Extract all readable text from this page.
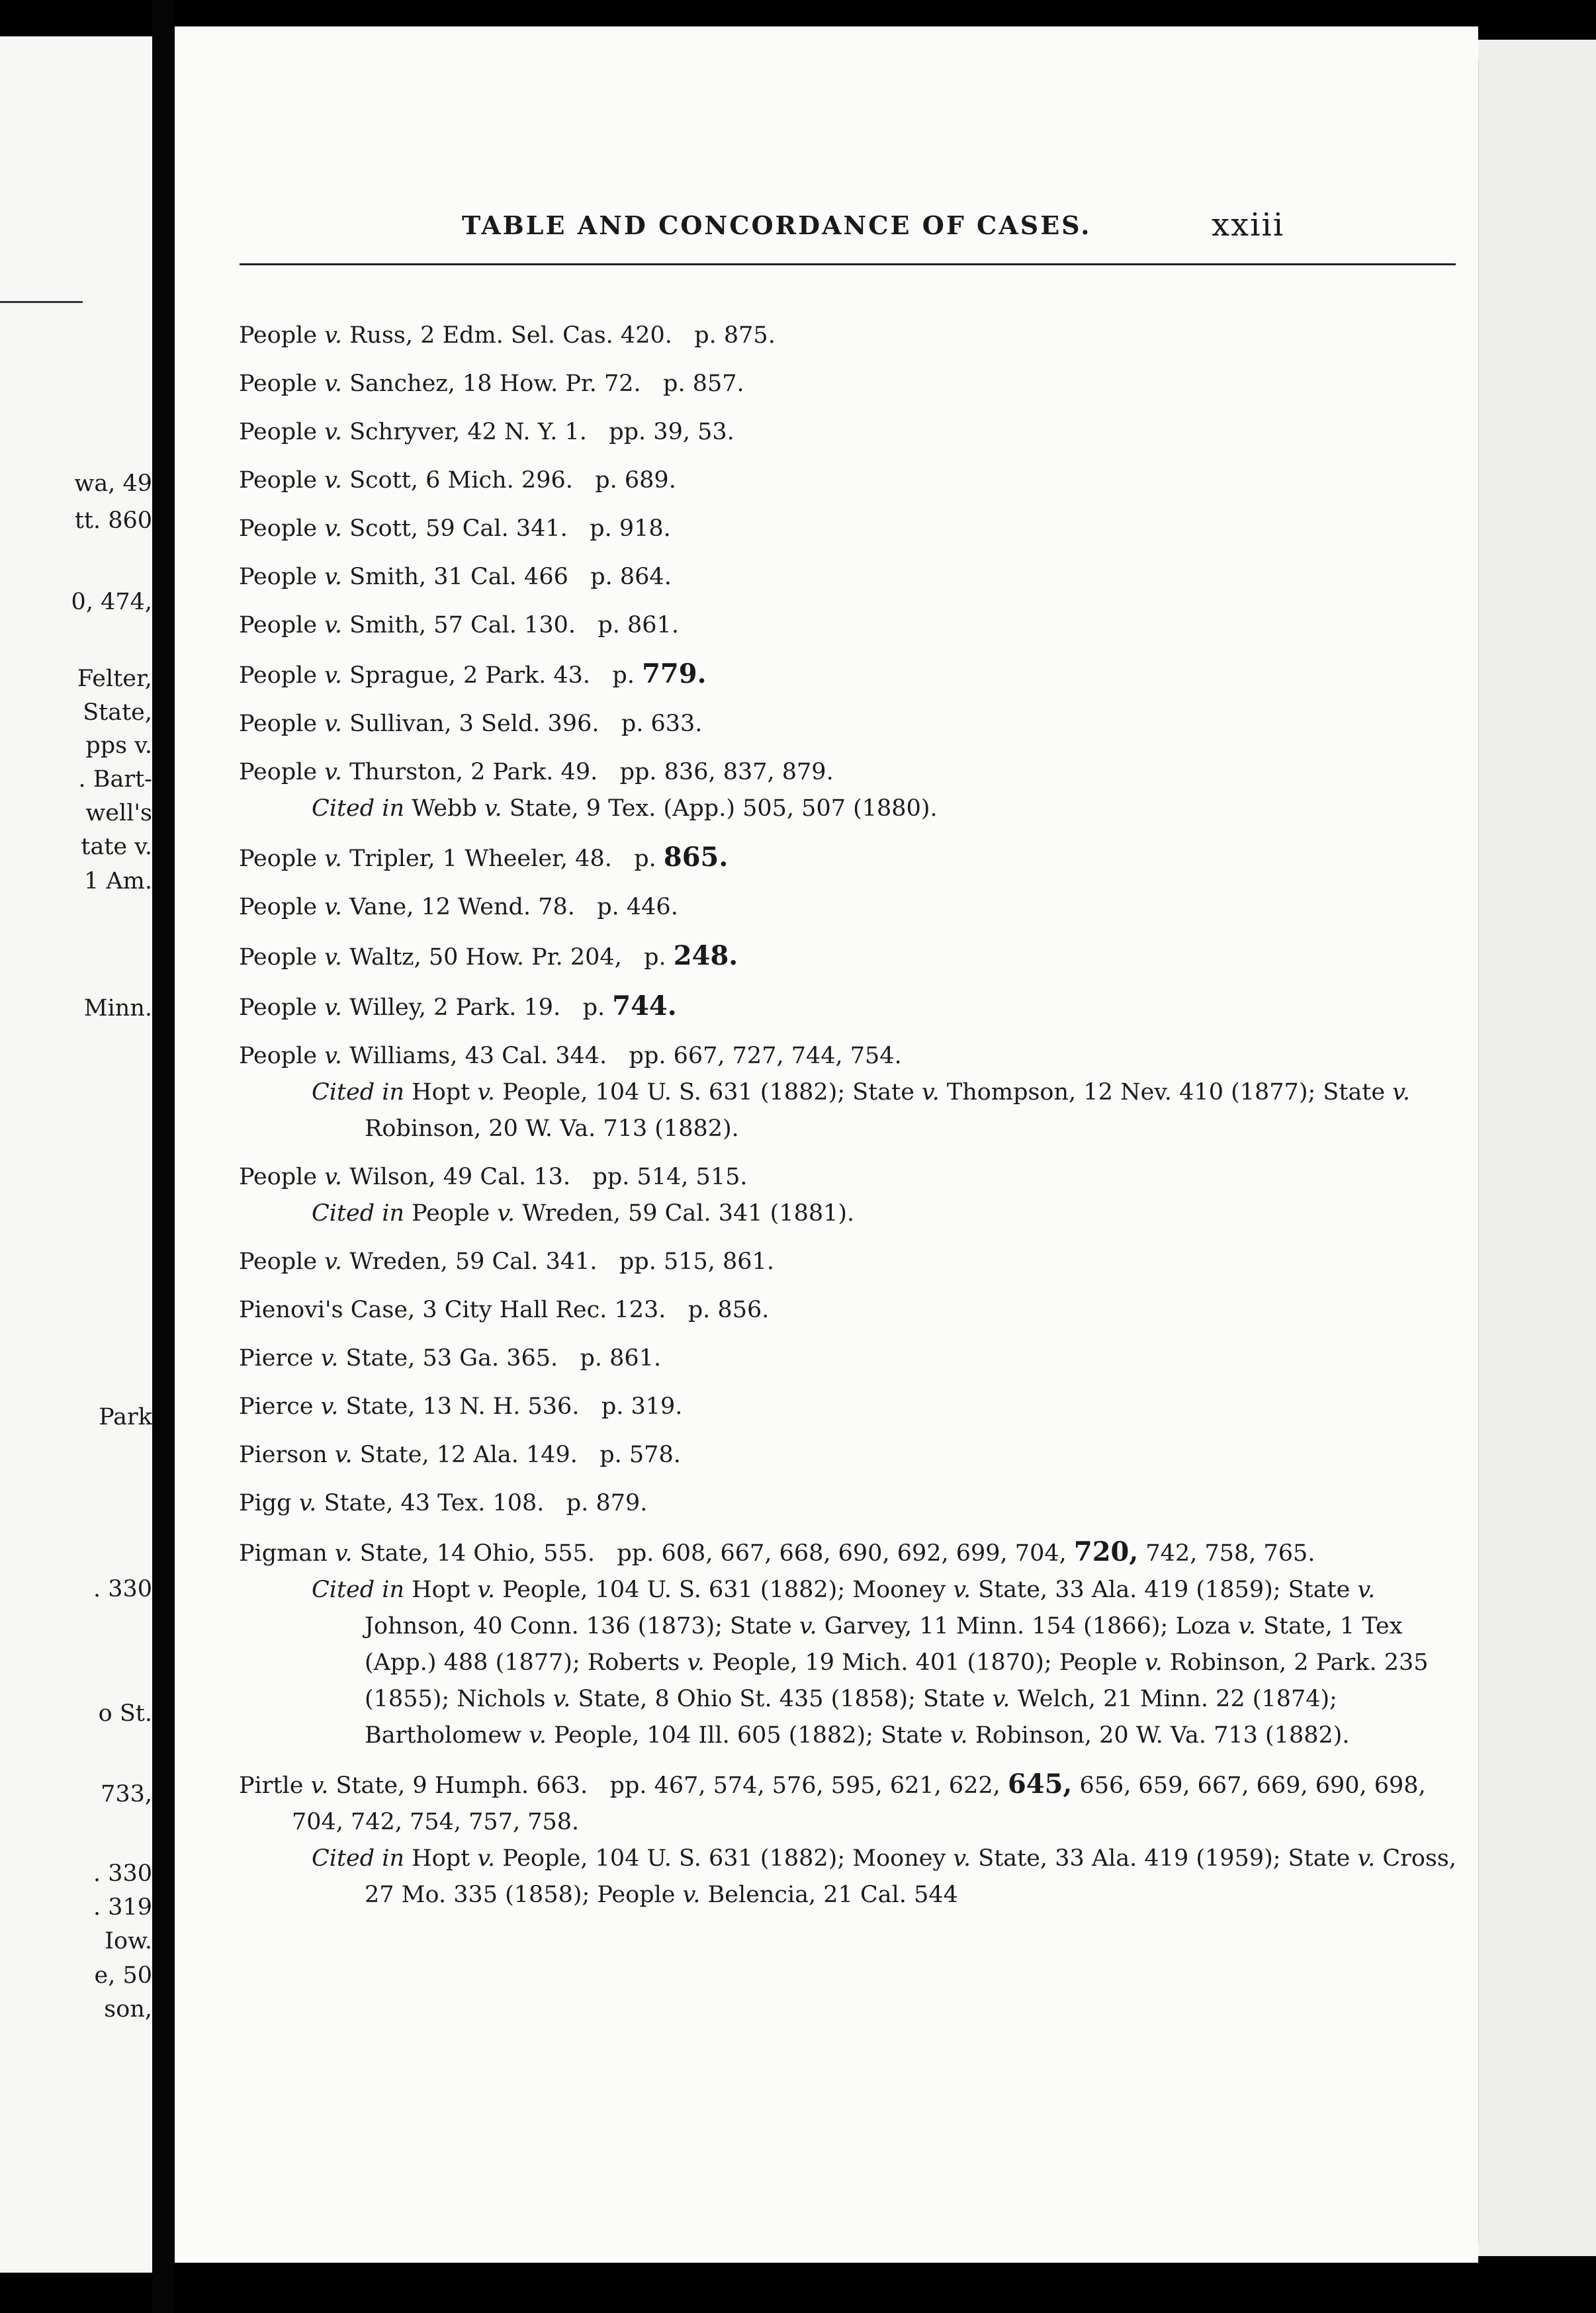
wa, 49
tt. 860
0, 474,
Felter,
State,
pps v.
. Bart-
well's
tate v.
1 Am.
Minn.
Park
. 330
o St.
733,
. 330
. 319
Iow.
e, 50
son,
TABLE AND CONCORDANCE OF CASES.	xxiii
People v. Russ, 2 Edm. Sel. Cas. 420.   p. 875.
People v. Sanchez, 18 How. Pr. 72.   p. 857.
People v. Schryver, 42 N. Y. 1.   pp. 39, 53.
People v. Scott, 6 Mich. 296.   p. 689.
People v. Scott, 59 Cal. 341.   p. 918.
People v. Smith, 31 Cal. 466   p. 864.
People v. Smith, 57 Cal. 130.   p. 861.
People v. Sprague, 2 Park. 43.   p. 779.
People v. Sullivan, 3 Seld. 396.   p. 633.
People v. Thurston, 2 Park. 49.   pp. 836, 837, 879.
Cited in Webb v. State, 9 Tex. (App.) 505, 507 (1880).
People v. Tripler, 1 Wheeler, 48.   p. 865.
People v. Vane, 12 Wend. 78.   p. 446.
People v. Waltz, 50 How. Pr. 204,   p. 248.
People v. Willey, 2 Park. 19.   p. 744.
People v. Williams, 43 Cal. 344.   pp. 667, 727, 744, 754.
Cited in Hopt v. People, 104 U. S. 631 (1882); State v. Thompson, 12 Nev. 410 (1877); State v. Robinson, 20 W. Va. 713 (1882).
People v. Wilson, 49 Cal. 13.   pp. 514, 515.
Cited in People v. Wreden, 59 Cal. 341 (1881).
People v. Wreden, 59 Cal. 341.   pp. 515, 861.
Pienovi's Case, 3 City Hall Rec. 123.   p. 856.
Pierce v. State, 53 Ga. 365.   p. 861.
Pierce v. State, 13 N. H. 536.   p. 319.
Pierson v. State, 12 Ala. 149.   p. 578.
Pigg v. State, 43 Tex. 108.   p. 879.
Pigman v. State, 14 Ohio, 555.   pp. 608, 667, 668, 690, 692, 699, 704, 720, 742, 758, 765.
Cited in Hopt v. People, 104 U. S. 631 (1882); Mooney v. State, 33 Ala. 419 (1859); State v. Johnson, 40 Conn. 136 (1873); State v. Garvey, 11 Minn. 154 (1866); Loza v. State, 1 Tex (App.) 488 (1877); Roberts v. People, 19 Mich. 401 (1870); People v. Robinson, 2 Park. 235 (1855); Nichols v. State, 8 Ohio St. 435 (1858); State v. Welch, 21 Minn. 22 (1874); Bartholomew v. People, 104 Ill. 605 (1882); State v. Robinson, 20 W. Va. 713 (1882).
Pirtle v. State, 9 Humph. 663.   pp. 467, 574, 576, 595, 621, 622, 645, 656, 659, 667, 669, 690, 698, 704, 742, 754, 757, 758.
Cited in Hopt v. People, 104 U. S. 631 (1882); Mooney v. State, 33 Ala. 419 (1959); State v. Cross, 27 Mo. 335 (1858); People v. Belencia, 21 Cal. 544
